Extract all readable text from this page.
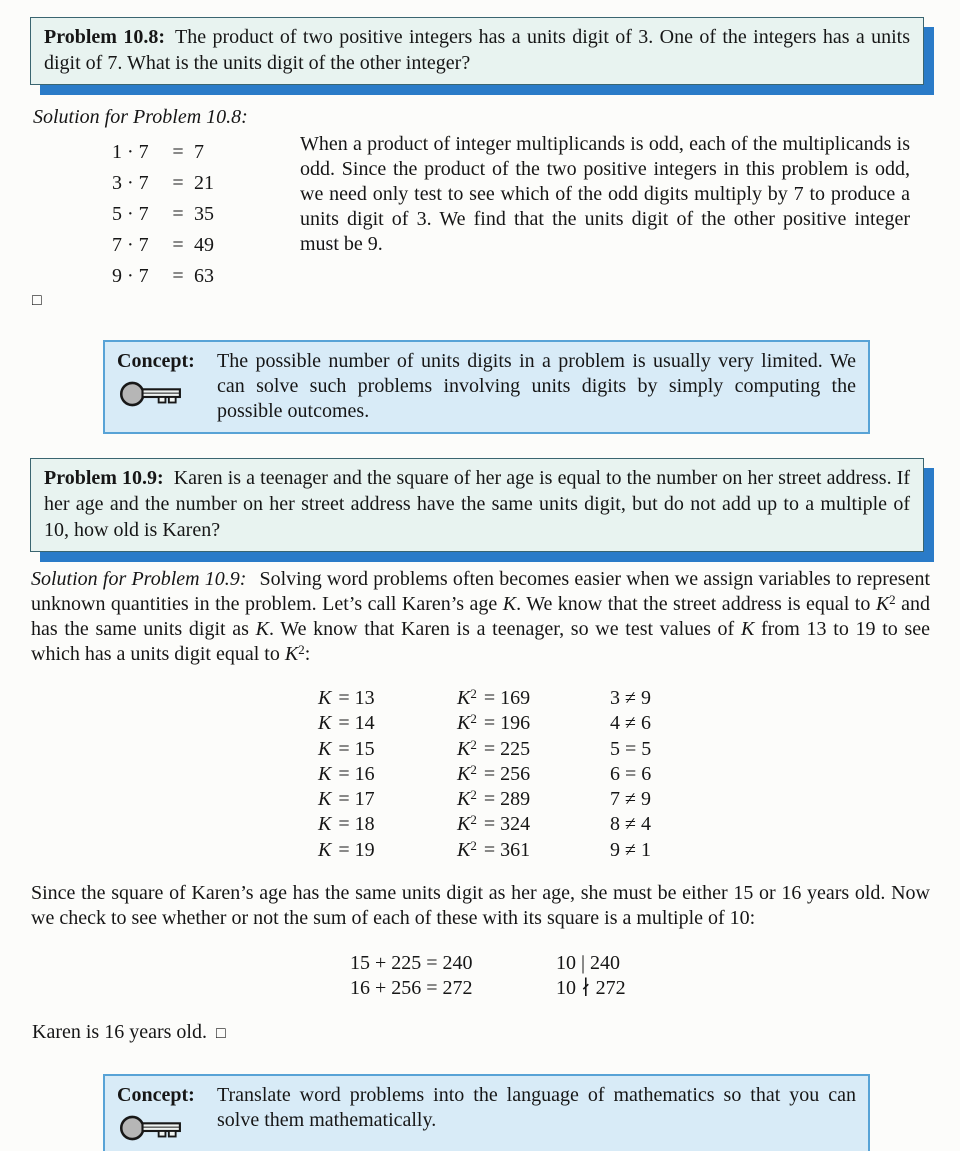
Problem 10.8: The product of two positive integers has a units digit of 3. One of the integers has a units digit of 7. What is the units digit of the other integer?
Solution for Problem 10.8:
1 · 7	= 7
3 · 7	= 21
5 · 7	= 35
7 · 7	= 49
9 · 7	= 63
When a product of integer multiplicands is odd, each of the multiplicands is odd. Since the product of the two positive integers in this problem is odd, we need only test to see which of the odd digits multiply by 7 to produce a units digit of 3. We find that the units digit of the other positive integer must be 9.
□
Concept:	The possible number of units digits in a problem is usually very limited. We can solve such problems involving units digits by simply computing the possible outcomes.
Problem 10.9: Karen is a teenager and the square of her age is equal to the number on her street address. If her age and the number on her street address have the same units digit, but do not add up to a multiple of 10, how old is Karen?
Solution for Problem 10.9: Solving word problems often becomes easier when we assign variables to represent unknown quantities in the problem. Let’s call Karen’s age K. We know that the street address is equal to $K^2$ and has the same units digit as K. We know that Karen is a teenager, so we test values of K from 13 to 19 to see which has a units digit equal to $K^2$:
K = 13	$K^2 = 169$	3 ≠ 9
K = 14	$K^2 = 196$	4 ≠ 6
K = 15	$K^2 = 225$	5 = 5
K = 16	$K^2 = 256$	6 = 6
K = 17	$K^2 = 289$	7 ≠ 9
K = 18	$K^2 = 324$	8 ≠ 4
K = 19	$K^2 = 361$	9 ≠ 1
Since the square of Karen’s age has the same units digit as her age, she must be either 15 or 16 years old. Now we check to see whether or not the sum of each of these with its square is a multiple of 10:
15 + 225 = 240	10 | 240
16 + 256 = 272	10 ∤ 272
Karen is 16 years old. □
Concept:	Translate word problems into the language of mathematics so that you can solve them mathematically.
